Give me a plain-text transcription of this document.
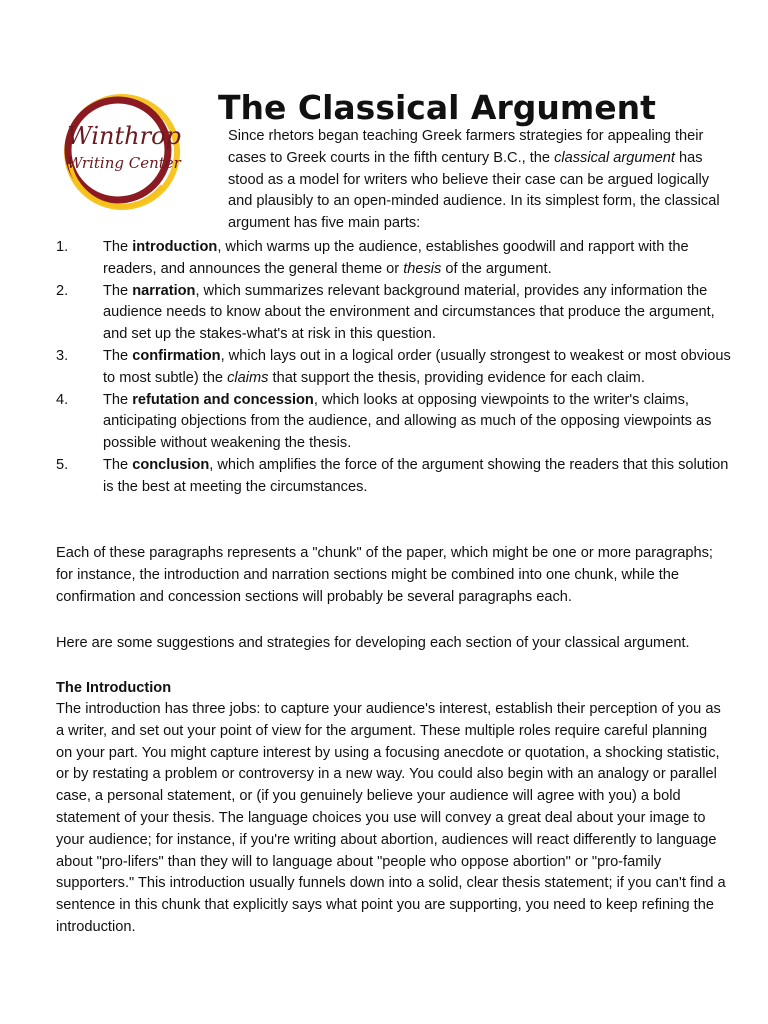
Winthrop
Writing Center
The Classical Argument
Since rhetors began teaching Greek farmers strategies for appealing their cases to Greek courts in the fifth century B.C., the classical argument has stood as a model for writers who believe their case can be argued logically and plausibly to an open-minded audience. In its simplest form, the classical argument has five main parts:
1. The introduction, which warms up the audience, establishes goodwill and rapport with the readers, and announces the general theme or thesis of the argument.
2. The narration, which summarizes relevant background material, provides any information the audience needs to know about the environment and circumstances that produce the argument, and set up the stakes-what's at risk in this question.
3. The confirmation, which lays out in a logical order (usually strongest to weakest or most obvious to most subtle) the claims that support the thesis, providing evidence for each claim.
4. The refutation and concession, which looks at opposing viewpoints to the writer's claims, anticipating objections from the audience, and allowing as much of the opposing viewpoints as possible without weakening the thesis.
5. The conclusion, which amplifies the force of the argument showing the readers that this solution is the best at meeting the circumstances.

Each of these paragraphs represents a "chunk" of the paper, which might be one or more paragraphs; for instance, the introduction and narration sections might be combined into one chunk, while the confirmation and concession sections will probably be several paragraphs each.

Here are some suggestions and strategies for developing each section of your classical argument.

The Introduction

The introduction has three jobs: to capture your audience's interest, establish their perception of you as a writer, and set out your point of view for the argument. These multiple roles require careful planning on your part. You might capture interest by using a focusing anecdote or quotation, a shocking statistic, or by restating a problem or controversy in a new way. You could also begin with an analogy or parallel case, a personal statement, or (if you genuinely believe your audience will agree with you) a bold statement of your thesis. The language choices you use will convey a great deal about your image to your audience; for instance, if you're writing about abortion, audiences will react differently to language about "pro-lifers" than they will to language about "people who oppose abortion" or "pro-family supporters." This introduction usually funnels down into a solid, clear thesis statement; if you can't find a sentence in this chunk that explicitly says what point you are supporting, you need to keep refining the introduction.
